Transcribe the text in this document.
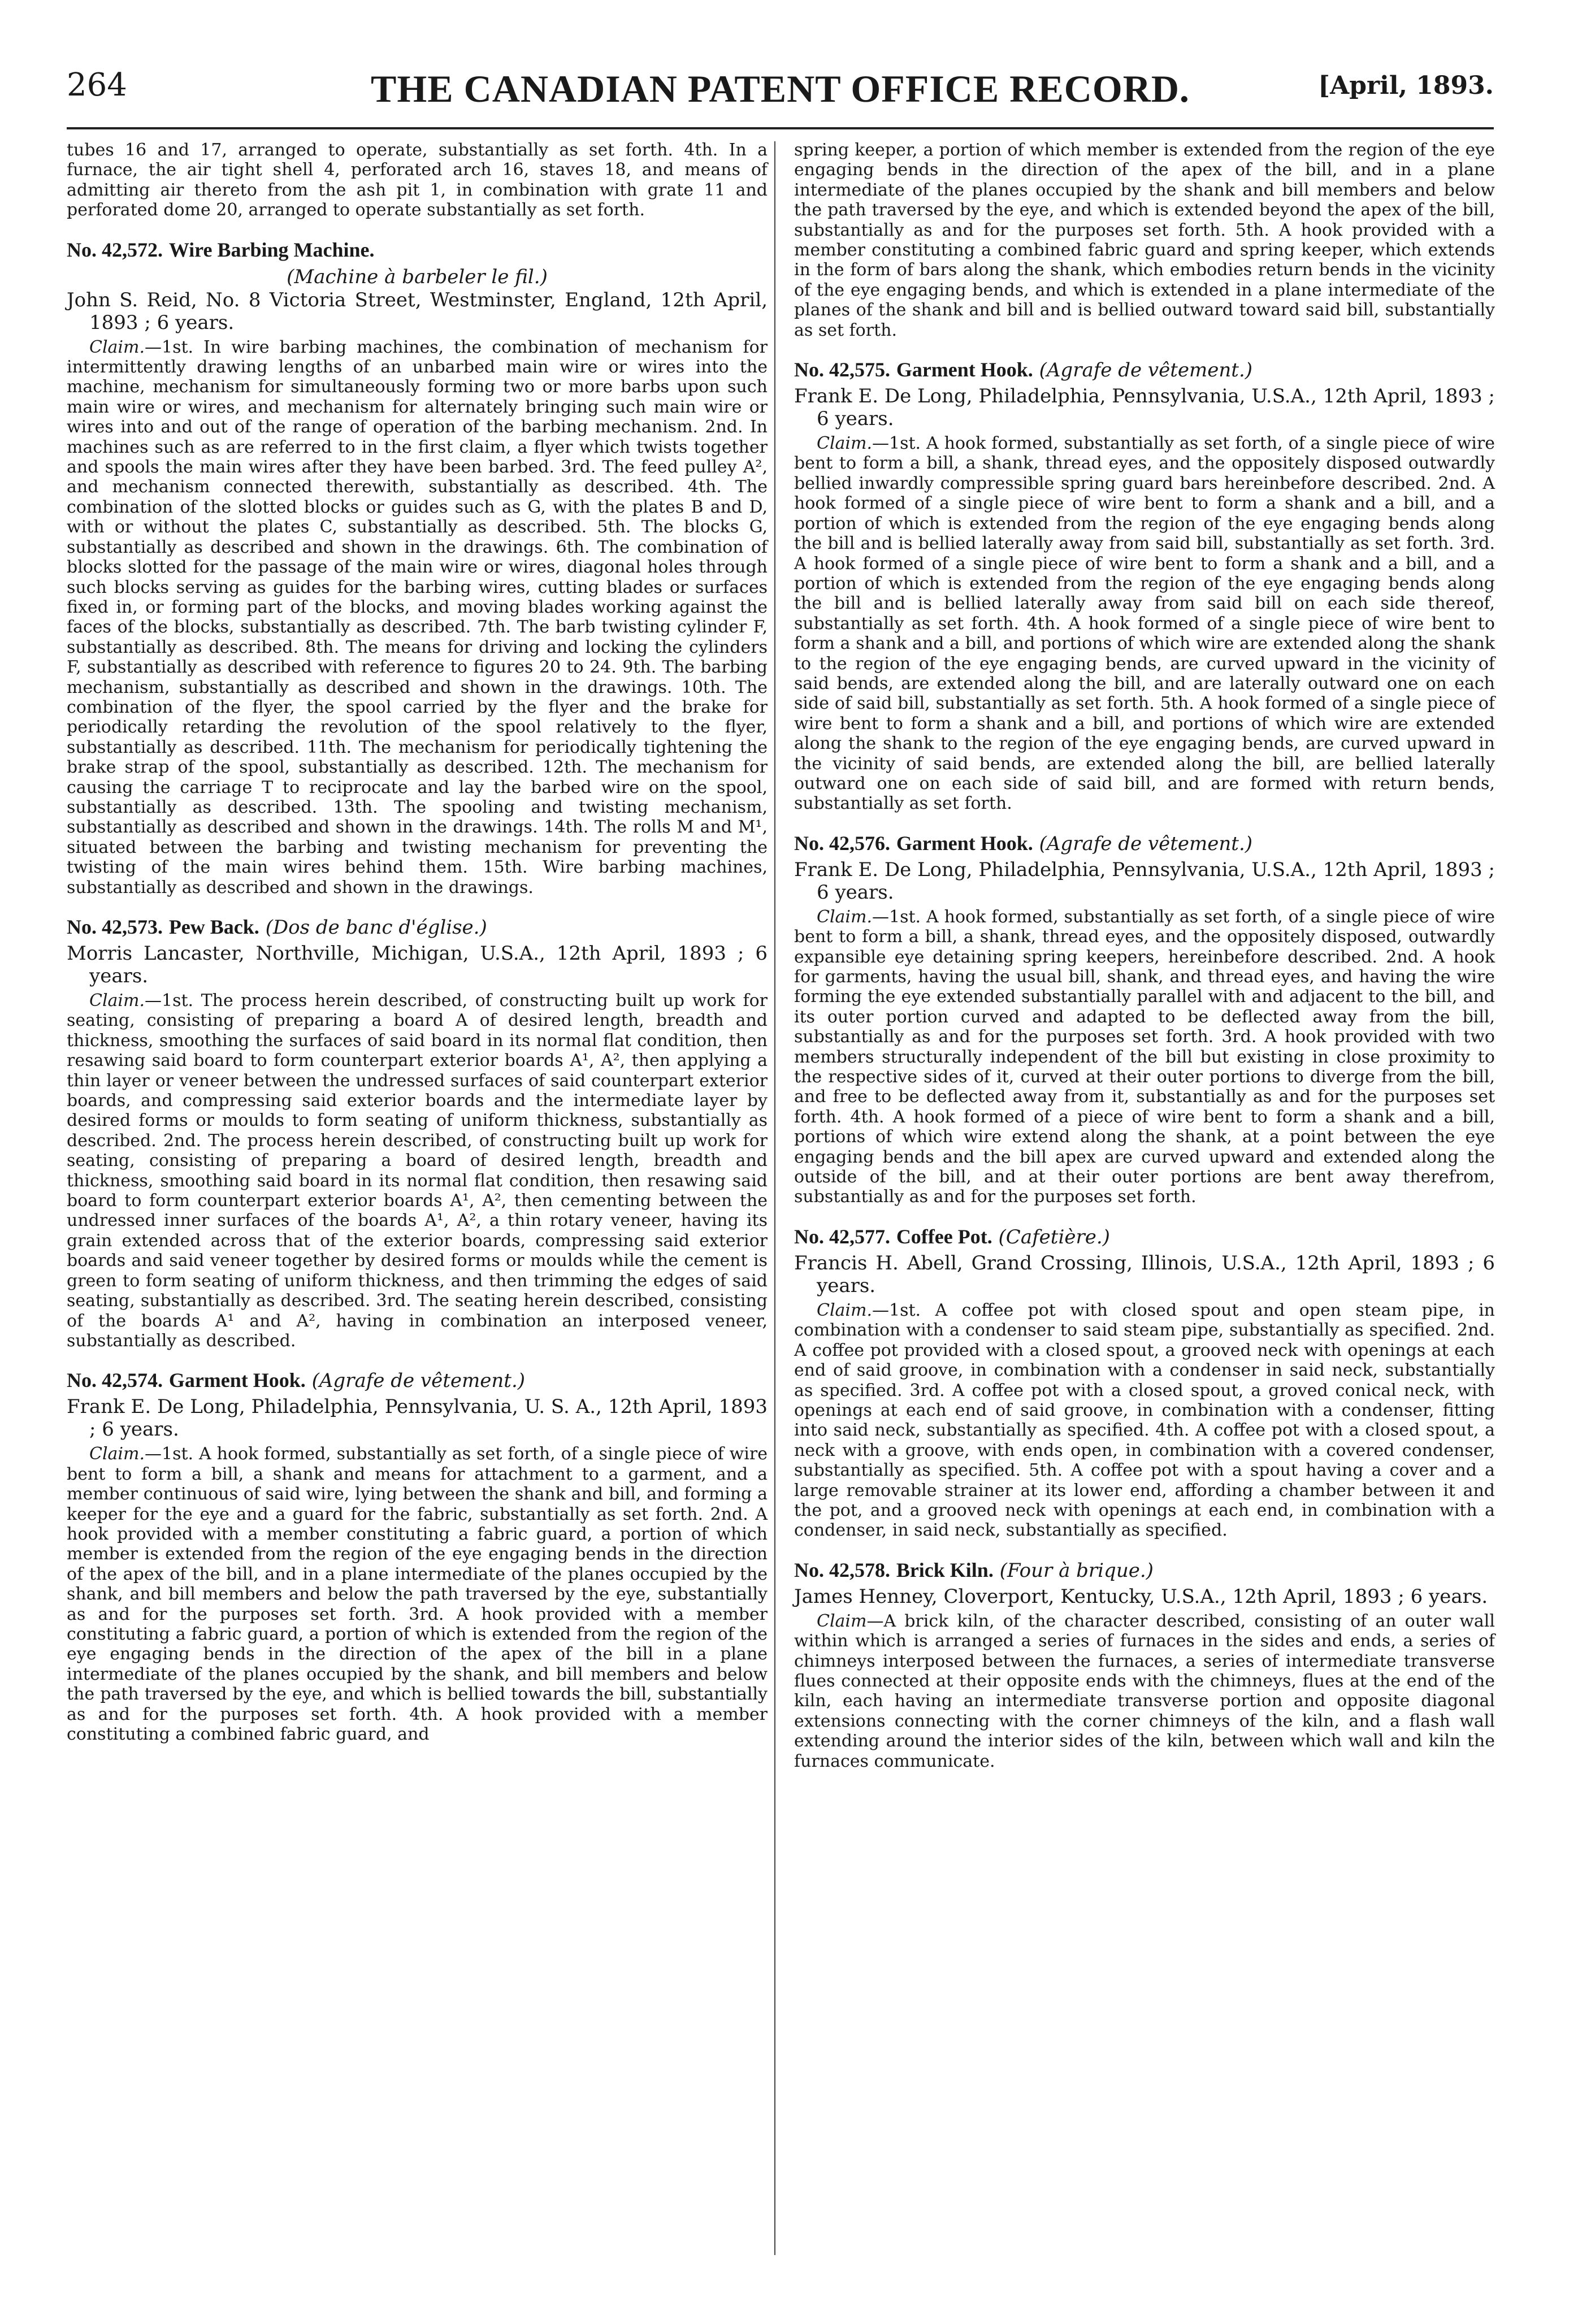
264	THE CANADIAN PATENT OFFICE RECORD.	[April, 1893.

tubes 16 and 17, arranged to operate, substantially as set forth. 4th. In a furnace, the air tight shell 4, perforated arch 16, staves 18, and means of admitting air thereto from the ash pit 1, in combination with grate 11 and perforated dome 20, arranged to operate substantially as set forth.

No. 42,572. Wire Barbing Machine.
(Machine à barbeler le fil.)

John S. Reid, No. 8 Victoria Street, Westminster, England, 12th April, 1893 ; 6 years.

Claim.—1st. In wire barbing machines, the combination of mechanism for intermittently drawing lengths of an unbarbed main wire or wires into the machine, mechanism for simultaneously forming two or more barbs upon such main wire or wires, and mechanism for alternately bringing such main wire or wires into and out of the range of operation of the barbing mechanism. 2nd. In machines such as are referred to in the first claim, a flyer which twists together and spools the main wires after they have been barbed. 3rd. The feed pulley A², and mechanism connected therewith, substantially as described. 4th. The combination of the slotted blocks or guides such as G, with the plates B and D, with or without the plates C, substantially as described. 5th. The blocks G, substantially as described and shown in the drawings. 6th. The combination of blocks slotted for the passage of the main wire or wires, diagonal holes through such blocks serving as guides for the barbing wires, cutting blades or surfaces fixed in, or forming part of the blocks, and moving blades working against the faces of the blocks, substantially as described. 7th. The barb twisting cylinder F, substantially as described. 8th. The means for driving and locking the cylinders F, substantially as described with reference to figures 20 to 24. 9th. The barbing mechanism, substantially as described and shown in the drawings. 10th. The combination of the flyer, the spool carried by the flyer and the brake for periodically retarding the revolution of the spool relatively to the flyer, substantially as described. 11th. The mechanism for periodically tightening the brake strap of the spool, substantially as described. 12th. The mechanism for causing the carriage T to reciprocate and lay the barbed wire on the spool, substantially as described. 13th. The spooling and twisting mechanism, substantially as described and shown in the drawings. 14th. The rolls M and M¹, situated between the barbing and twisting mechanism for preventing the twisting of the main wires behind them. 15th. Wire barbing machines, substantially as described and shown in the drawings.

No. 42,573. Pew Back. (Dos de banc d'église.)

Morris Lancaster, Northville, Michigan, U.S.A., 12th April, 1893 ; 6 years.

Claim.—1st. The process herein described, of constructing built up work for seating, consisting of preparing a board A of desired length, breadth and thickness, smoothing the surfaces of said board in its normal flat condition, then resawing said board to form counterpart exterior boards A¹, A², then applying a thin layer or veneer between the undressed surfaces of said counterpart exterior boards, and compressing said exterior boards and the intermediate layer by desired forms or moulds to form seating of uniform thickness, substantially as described. 2nd. The process herein described, of constructing built up work for seating, consisting of preparing a board of desired length, breadth and thickness, smoothing said board in its normal flat condition, then resawing said board to form counterpart exterior boards A¹, A², then cementing between the undressed inner surfaces of the boards A¹, A², a thin rotary veneer, having its grain extended across that of the exterior boards, compressing said exterior boards and said veneer together by desired forms or moulds while the cement is green to form seating of uniform thickness, and then trimming the edges of said seating, substantially as described. 3rd. The seating herein described, consisting of the boards A¹ and A², having in combination an interposed veneer, substantially as described.

No. 42,574. Garment Hook. (Agrafe de vêtement.)

Frank E. De Long, Philadelphia, Pennsylvania, U. S. A., 12th April, 1893 ; 6 years.

Claim.—1st. A hook formed, substantially as set forth, of a single piece of wire bent to form a bill, a shank and means for attachment to a garment, and a member continuous of said wire, lying between the shank and bill, and forming a keeper for the eye and a guard for the fabric, substantially as set forth. 2nd. A hook provided with a member constituting a fabric guard, a portion of which member is extended from the region of the eye engaging bends in the direction of the apex of the bill, and in a plane intermediate of the planes occupied by the shank, and bill members and below the path traversed by the eye, substantially as and for the purposes set forth. 3rd. A hook provided with a member constituting a fabric guard, a portion of which is extended from the region of the eye engaging bends in the direction of the apex of the bill in a plane intermediate of the planes occupied by the shank, and bill members and below the path traversed by the eye, and which is bellied towards the bill, substantially as and for the purposes set forth. 4th. A hook provided with a member constituting a combined fabric guard, and

spring keeper, a portion of which member is extended from the region of the eye engaging bends in the direction of the apex of the bill, and in a plane intermediate of the planes occupied by the shank and bill members and below the path traversed by the eye, and which is extended beyond the apex of the bill, substantially as and for the purposes set forth. 5th. A hook provided with a member constituting a combined fabric guard and spring keeper, which extends in the form of bars along the shank, which embodies return bends in the vicinity of the eye engaging bends, and which is extended in a plane intermediate of the planes of the shank and bill and is bellied outward toward said bill, substantially as set forth.

No. 42,575. Garment Hook. (Agrafe de vêtement.)

Frank E. De Long, Philadelphia, Pennsylvania, U.S.A., 12th April, 1893 ; 6 years.

Claim.—1st. A hook formed, substantially as set forth, of a single piece of wire bent to form a bill, a shank, thread eyes, and the oppositely disposed outwardly bellied inwardly compressible spring guard bars hereinbefore described. 2nd. A hook formed of a single piece of wire bent to form a shank and a bill, and a portion of which is extended from the region of the eye engaging bends along the bill and is bellied laterally away from said bill, substantially as set forth. 3rd. A hook formed of a single piece of wire bent to form a shank and a bill, and a portion of which is extended from the region of the eye engaging bends along the bill and is bellied laterally away from said bill on each side thereof, substantially as set forth. 4th. A hook formed of a single piece of wire bent to form a shank and a bill, and portions of which wire are extended along the shank to the region of the eye engaging bends, are curved upward in the vicinity of said bends, are extended along the bill, and are laterally outward one on each side of said bill, substantially as set forth. 5th. A hook formed of a single piece of wire bent to form a shank and a bill, and portions of which wire are extended along the shank to the region of the eye engaging bends, are curved upward in the vicinity of said bends, are extended along the bill, are bellied laterally outward one on each side of said bill, and are formed with return bends, substantially as set forth.

No. 42,576. Garment Hook. (Agrafe de vêtement.)

Frank E. De Long, Philadelphia, Pennsylvania, U.S.A., 12th April, 1893 ; 6 years.

Claim.—1st. A hook formed, substantially as set forth, of a single piece of wire bent to form a bill, a shank, thread eyes, and the oppositely disposed, outwardly expansible eye detaining spring keepers, hereinbefore described. 2nd. A hook for garments, having the usual bill, shank, and thread eyes, and having the wire forming the eye extended substantially parallel with and adjacent to the bill, and its outer portion curved and adapted to be deflected away from the bill, substantially as and for the purposes set forth. 3rd. A hook provided with two members structurally independent of the bill but existing in close proximity to the respective sides of it, curved at their outer portions to diverge from the bill, and free to be deflected away from it, substantially as and for the purposes set forth. 4th. A hook formed of a piece of wire bent to form a shank and a bill, portions of which wire extend along the shank, at a point between the eye engaging bends and the bill apex are curved upward and extended along the outside of the bill, and at their outer portions are bent away therefrom, substantially as and for the purposes set forth.

No. 42,577. Coffee Pot. (Cafetière.)

Francis H. Abell, Grand Crossing, Illinois, U.S.A., 12th April, 1893 ; 6 years.

Claim.—1st. A coffee pot with closed spout and open steam pipe, in combination with a condenser to said steam pipe, substantially as specified. 2nd. A coffee pot provided with a closed spout, a grooved neck with openings at each end of said groove, in combination with a condenser in said neck, substantially as specified. 3rd. A coffee pot with a closed spout, a groved conical neck, with openings at each end of said groove, in combination with a condenser, fitting into said neck, substantially as specified. 4th. A coffee pot with a closed spout, a neck with a groove, with ends open, in combination with a covered condenser, substantially as specified. 5th. A coffee pot with a spout having a cover and a large removable strainer at its lower end, affording a chamber between it and the pot, and a grooved neck with openings at each end, in combination with a condenser, in said neck, substantially as specified.

No. 42,578. Brick Kiln. (Four à brique.)

James Henney, Cloverport, Kentucky, U.S.A., 12th April, 1893 ; 6 years.

Claim—A brick kiln, of the character described, consisting of an outer wall within which is arranged a series of furnaces in the sides and ends, a series of chimneys interposed between the furnaces, a series of intermediate transverse flues connected at their opposite ends with the chimneys, flues at the end of the kiln, each having an intermediate transverse portion and opposite diagonal extensions connecting with the corner chimneys of the kiln, and a flash wall extending around the interior sides of the kiln, between which wall and kiln the furnaces communicate.
